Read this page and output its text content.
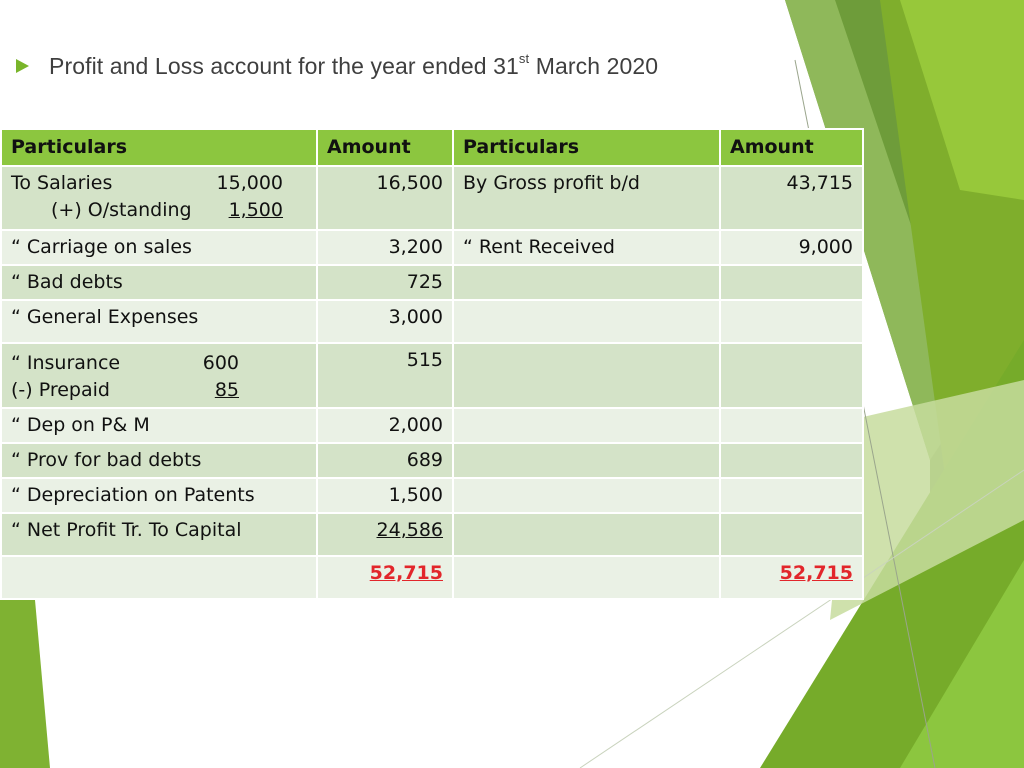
Profit and Loss account for the year ended 31st March 2020
Particulars	Amount	Particulars	Amount

To Salaries 15,000
(+) O/standing 1,500	16,500	By Gross profit b/d	43,715
“ Carriage on sales	3,200	“ Rent Received	9,000
“ Bad debts	725		
“ General Expenses	3,000		

“ Insurance 600
(-) Prepaid 85	515		
“ Dep on P& M	2,000		
“ Prov for bad debts	689		
“ Depreciation on Patents	1,500		
“ Net Profit Tr. To Capital	24,586		
	52,715		52,715
